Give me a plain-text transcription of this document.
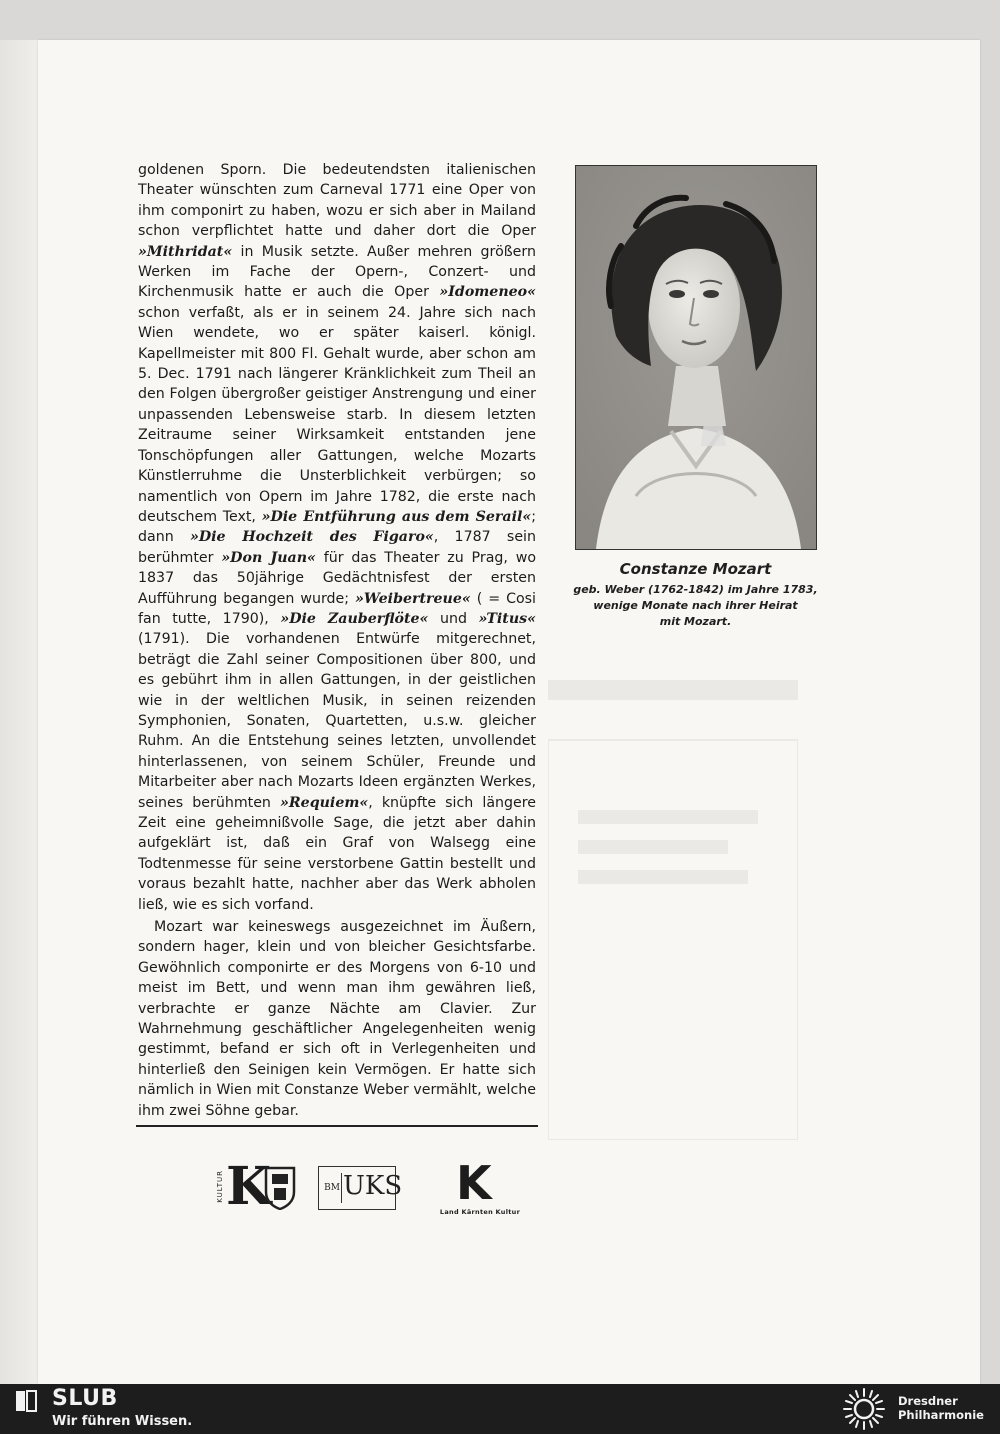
goldenen Sporn. Die bedeutendsten italienischen Theater wünschten zum Carneval 1771 eine Oper von ihm componirt zu haben, wozu er sich aber in Mailand schon verpflichtet hatte und daher dort die Oper »Mithridat« in Musik setzte. Außer mehren größern Werken im Fache der Opern-, Conzert- und Kirchenmusik hatte er auch die Oper »Idomeneo« schon verfaßt, als er in seinem 24. Jahre sich nach Wien wendete, wo er später kaiserl. königl. Kapellmeister mit 800 Fl. Gehalt wurde, aber schon am 5. Dec. 1791 nach längerer Kränklichkeit zum Theil an den Folgen übergroßer geistiger Anstrengung und einer unpassenden Lebensweise starb. In diesem letzten Zeitraume seiner Wirksamkeit entstanden jene Tonschöpfungen aller Gattungen, welche Mozarts Künstlerruhme die Unsterblichkeit verbürgen; so namentlich von Opern im Jahre 1782, die erste nach deutschem Text, »Die Entführung aus dem Serail«; dann »Die Hochzeit des Figaro«, 1787 sein berühmter »Don Juan« für das Theater zu Prag, wo 1837 das 50jährige Gedächtnisfest der ersten Aufführung begangen wurde; »Weibertreue« ( = Cosi fan tutte, 1790), »Die Zauberflöte« und »Titus« (1791). Die vorhandenen Entwürfe mitgerechnet, beträgt die Zahl seiner Compositionen über 800, und es gebührt ihm in allen Gattungen, in der geistlichen wie in der weltlichen Musik, in seinen reizenden Symphonien, Sonaten, Quartetten, u.s.w. gleicher Ruhm. An die Entstehung seines letzten, unvollendet hinterlassenen, von seinem Schüler, Freunde und Mitarbeiter aber nach Mozarts Ideen ergänzten Werkes, seines berühmten »Requiem«, knüpfte sich längere Zeit eine geheimnißvolle Sage, die jetzt aber dahin aufgeklärt ist, daß ein Graf von Walsegg eine Todtenmesse für seine verstorbene Gattin bestellt und voraus bezahlt hatte, nachher aber das Werk abholen ließ, wie es sich vorfand.

Mozart war keineswegs ausgezeichnet im Äußern, sondern hager, klein und von bleicher Gesichtsfarbe. Gewöhnlich componirte er des Morgens von 6-10 und meist im Bett, und wenn man ihm gewähren ließ, verbrachte er ganze Nächte am Clavier. Zur Wahrnehmung geschäftlicher Angelegenheiten wenig gestimmt, befand er sich oft in Verlegenheiten und hinterließ den Seinigen kein Vermögen. Er hatte sich nämlich in Wien mit Constanze Weber vermählt, welche ihm zwei Söhne gebar.

Constanze Mozart
geb. Weber (1762-1842) im Jahre 1783,
wenige Monate nach ihrer Heirat
mit Mozart.
KULTUR K	BM UKS K
Land Kärnten Kultur
SLUB
Wir führen Wissen.
Dresdner
Philharmonie
